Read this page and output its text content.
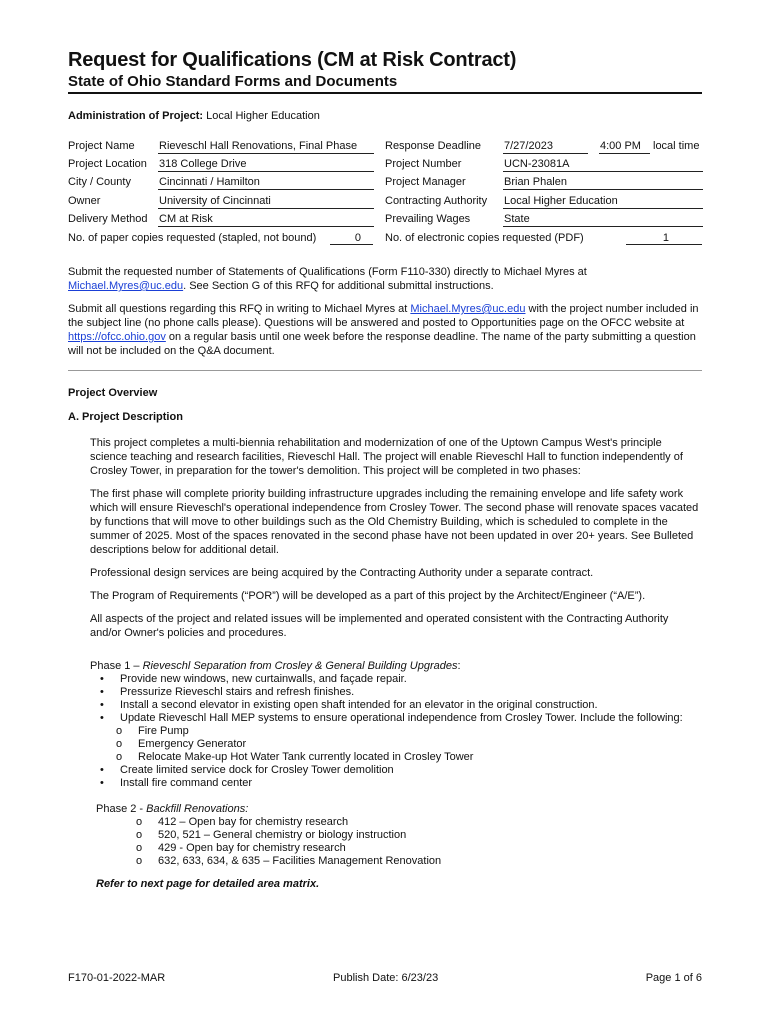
Request for Qualifications (CM at Risk Contract)
State of Ohio Standard Forms and Documents
Administration of Project: Local Higher Education
Project Name Rieveschl Hall Renovations, Final Phase	Response Deadline 7/27/2023	4:00 PM	local time
Project Location 318 College Drive	Project Number	UCN-23081A
City / County	Cincinnati / Hamilton	Project Manager	Brian Phalen
Owner	University of Cincinnati	Contracting Authority Local Higher Education
Delivery Method CM at Risk	Prevailing Wages	State
No. of paper copies requested (stapled, not bound)	0	No. of electronic copies requested (PDF)	1

Submit the requested number of Statements of Qualifications (Form F110-330) directly to Michael Myres at
Michael.Myres@uc.edu. See Section G of this RFQ for additional submittal instructions.

Submit all questions regarding this RFQ in writing to Michael Myres at Michael.Myres@uc.edu with the project number included in the subject line (no phone calls please). Questions will be answered and posted to Opportunities page on the OFCC website at https://ofcc.ohio.gov on a regular basis until one week before the response deadline. The name of the party submitting a question will not be included on the Q&A document.

Project Overview
A. Project Description

This project completes a multi-biennia rehabilitation and modernization of one of the Uptown Campus West's principle science teaching and research facilities, Rieveschl Hall. The project will enable Rieveschl Hall to function independently of Crosley Tower, in preparation for the tower's demolition. This project will be completed in two phases:

The first phase will complete priority building infrastructure upgrades including the remaining envelope and life safety work which will ensure Rieveschl's operational independence from Crosley Tower. The second phase will renovate spaces vacated by functions that will move to other buildings such as the Old Chemistry Building, which is scheduled to complete in the summer of 2025. Most of the spaces renovated in the second phase have not been updated in over 20+ years. See Bulleted descriptions below for additional detail.

Professional design services are being acquired by the Contracting Authority under a separate contract.

The Program of Requirements (“POR”) will be developed as a part of this project by the Architect/Engineer (“A/E”).

All aspects of the project and related issues will be implemented and operated consistent with the Contracting Authority and/or Owner's policies and procedures.

Phase 1 – Rieveschl Separation from Crosley & General Building Upgrades:
• Provide new windows, new curtainwalls, and façade repair.
• Pressurize Rieveschl stairs and refresh finishes.
• Install a second elevator in existing open shaft intended for an elevator in the original construction.
• Update Rieveschl Hall MEP systems to ensure operational independence from Crosley Tower. Include the following:
o Fire Pump
o Emergency Generator
o Relocate Make-up Hot Water Tank currently located in Crosley Tower
• Create limited service dock for Crosley Tower demolition
• Install fire command center
Phase 2 - Backfill Renovations:
o 412 – Open bay for chemistry research
o 520, 521 – General chemistry or biology instruction
o 429 - Open bay for chemistry research
o 632, 633, 634, & 635 – Facilities Management Renovation
Refer to next page for detailed area matrix.
F170-01-2022-MAR	Publish Date: 6/23/23	Page 1 of 6
